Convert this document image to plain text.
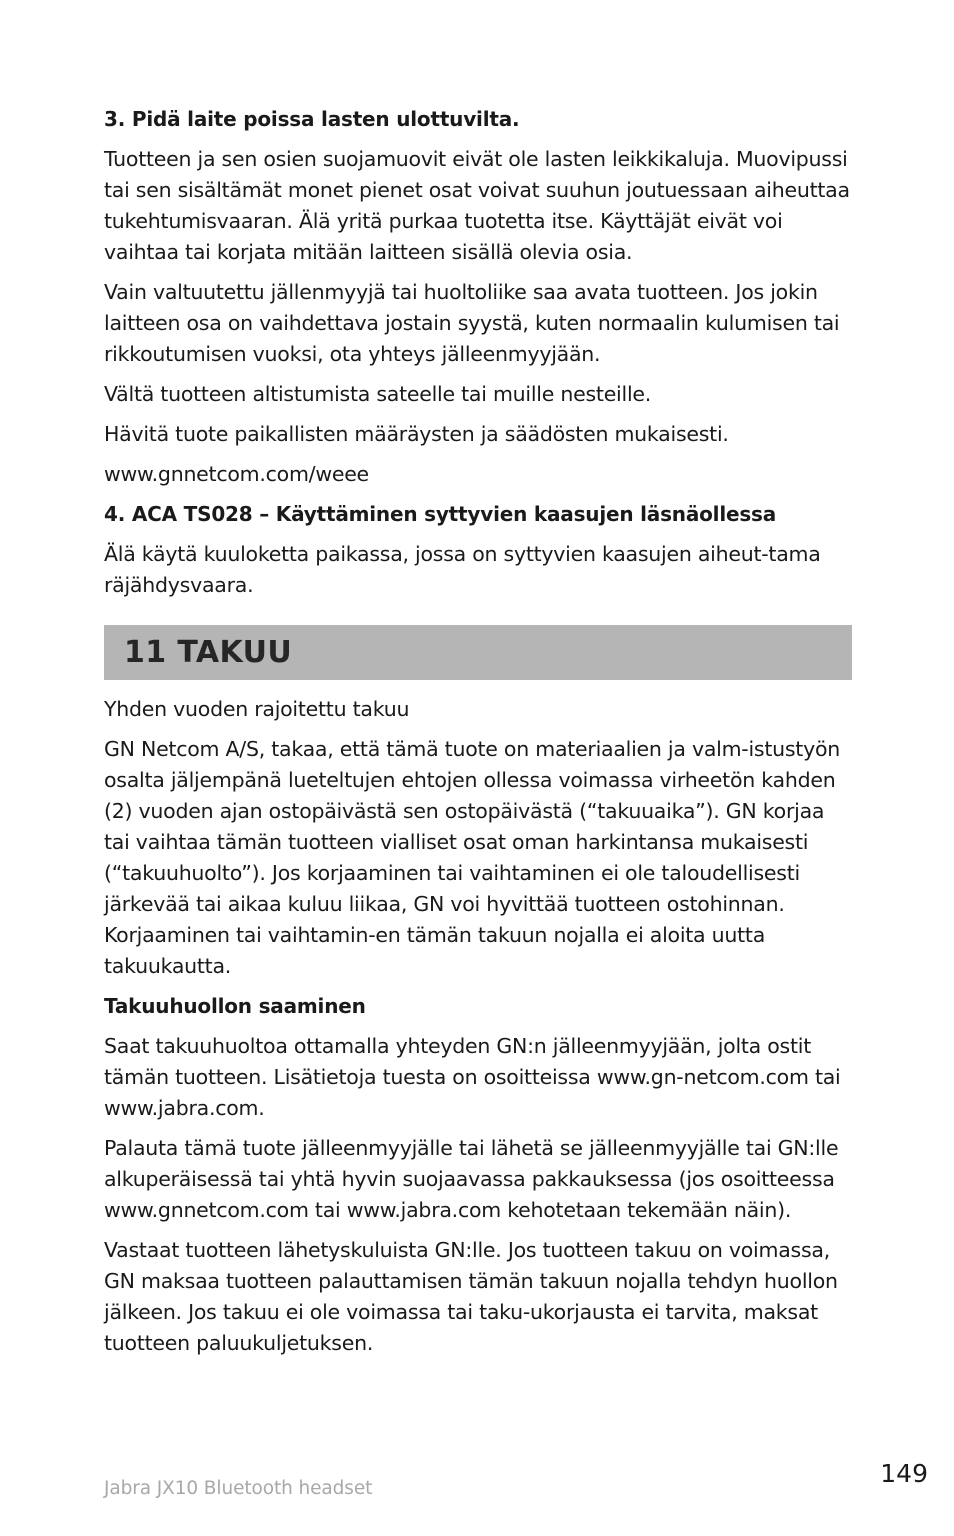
3. Pidä laite poissa lasten ulottuvilta.

Tuotteen ja sen osien suojamuovit eivät ole lasten leikkikaluja. Muovipussi tai sen sisältämät monet pienet osat voivat suuhun joutuessaan aiheuttaa tukehtumisvaaran. Älä yritä purkaa tuotetta itse. Käyttäjät eivät voi vaihtaa tai korjata mitään laitteen sisällä olevia osia.

Vain valtuutettu jällenmyyjä tai huoltoliike saa avata tuotteen. Jos jokin laitteen osa on vaihdettava jostain syystä, kuten normaalin kulumisen tai rikkoutumisen vuoksi, ota yhteys jälleenmyyjään.

Vältä tuotteen altistumista sateelle tai muille nesteille.

Hävitä tuote paikallisten määräysten ja säädösten mukaisesti.

www.gnnetcom.com/weee

4. ACA TS028 – Käyttäminen syttyvien kaasujen läsnäollessa

Älä käytä kuuloketta paikassa, jossa on syttyvien kaasujen aiheut-tama räjähdysvaara.

11 TAKUU

Yhden vuoden rajoitettu takuu

GN Netcom A/S, takaa, että tämä tuote on materiaalien ja valm-istustyön osalta jäljempänä lueteltujen ehtojen ollessa voimassa virheetön kahden (2) vuoden ajan ostopäivästä sen ostopäivästä (“takuuaika”). GN korjaa tai vaihtaa tämän tuotteen vialliset osat oman harkintansa mukaisesti (“takuuhuolto”). Jos korjaaminen tai vaihtaminen ei ole taloudellisesti järkevää tai aikaa kuluu liikaa, GN voi hyvittää tuotteen ostohinnan. Korjaaminen tai vaihtamin-en tämän takuun nojalla ei aloita uutta takuukautta.

Takuuhuollon saaminen

Saat takuuhuoltoa ottamalla yhteyden GN:n jälleenmyyjään, jolta ostit tämän tuotteen. Lisätietoja tuesta on osoitteissa www.gn-netcom.com tai www.jabra.com.

Palauta tämä tuote jälleenmyyjälle tai lähetä se jälleenmyyjälle tai GN:lle alkuperäisessä tai yhtä hyvin suojaavassa pakkauksessa (jos osoitteessa www.gnnetcom.com tai www.jabra.com kehotetaan tekemään näin).

Vastaat tuotteen lähetyskuluista GN:lle. Jos tuotteen takuu on voimassa, GN maksaa tuotteen palauttamisen tämän takuun nojalla tehdyn huollon jälkeen. Jos takuu ei ole voimassa tai taku-ukorjausta ei tarvita, maksat tuotteen paluukuljetuksen.

Jabra JX10 Bluetooth headset
149
